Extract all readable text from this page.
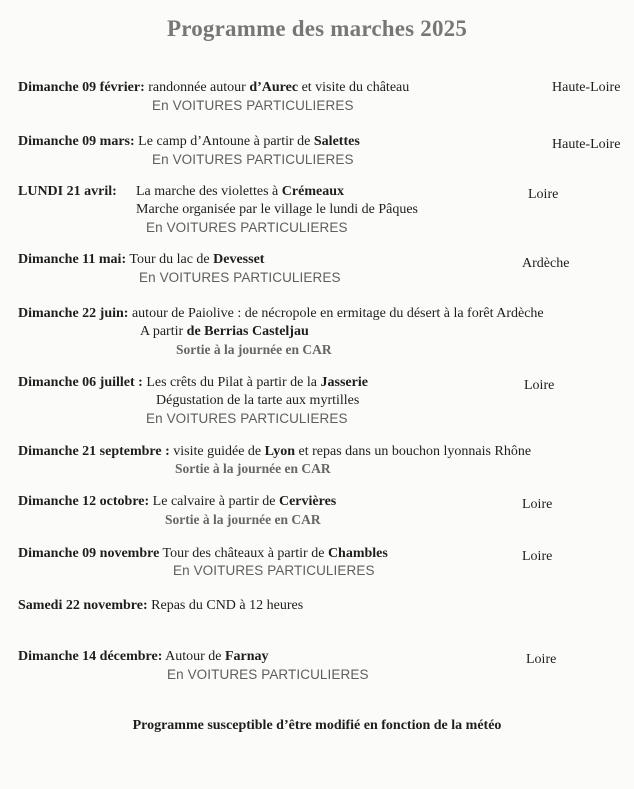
Programme des marches 2025
Dimanche 09 février: randonnée autour d’Aurec et visite du château
En VOITURES PARTICULIERES
Haute-Loire
Dimanche 09 mars: Le camp d’Antoune à partir de Salettes
En VOITURES PARTICULIERES
Haute-Loire
LUNDI 21 avril: La marche des violettes à Crémeaux
Marche organisée par le village le lundi de Pâques
En VOITURES PARTICULIERES
Loire
Dimanche 11 mai: Tour du lac de Devesset
En VOITURES PARTICULIERES
Ardèche
Dimanche 22 juin: autour de Paiolive : de nécropole en ermitage du désert à la forêt Ardèche
A partir de Berrias Casteljau
Sortie à la journée en CAR
Dimanche 06 juillet : Les crêts du Pilat à partir de la Jasserie
Dégustation de la tarte aux myrtilles
En VOITURES PARTICULIERES
Loire
Dimanche 21 septembre : visite guidée de Lyon et repas dans un bouchon lyonnais Rhône
Sortie à la journée en CAR
Dimanche 12 octobre: Le calvaire à partir de Cervières
Sortie à la journée en CAR
Loire
Dimanche 09 novembre Tour des châteaux à partir de Chambles
En VOITURES PARTICULIERES
Loire
Samedi 22 novembre: Repas du CND à 12 heures
Dimanche 14 décembre: Autour de Farnay
En VOITURES PARTICULIERES
Loire
Programme susceptible d’être modifié en fonction de la météo
